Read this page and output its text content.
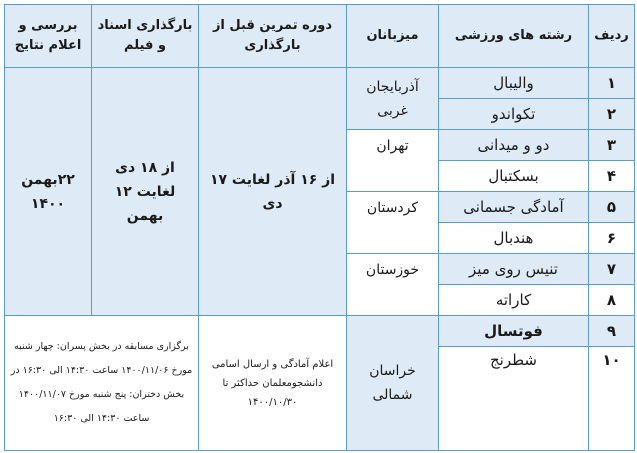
ردیف	رشته های ورزشی	میزبانان	دوره تمرین قبل از بارگذاری	بارگذاری اسناد و فیلم	بررسی و اعلام نتایج
۱	والیبال	آذربایجان غربی	از ۱۶ آذر لغایت ۱۷ دی	از ۱۸ دی لغایت ۱۲ بهمن	۲۲بهمن ۱۴۰۰
۲	تکواندو				
۳	دو و میدانی	تهران			
۴	بسکتبال				
۵	آمادگی جسمانی	کردستان			
۶	هندبال				
۷	تنیس روی میز	خوزستان			
۸	کاراته				
۹	فوتسال	خراسان شمالی	اعلام آمادگی و ارسال اسامی دانشجومعلمان حداکثر تا ۱۴۰۰/۱۰/۳۰	برگزاری مسابقه در بخش پسران: چهار شنبه مورخ ۱۴۰۰/۱۱/۰۶ ساعت ۱۴:۳۰ الی ۱۶:۳۰ در بخش دختران: پنج شنبه مورخ ۱۴۰۰/۱۱/۰۷ ساعت ۱۴:۳۰ الی ۱۶:۳۰	
۱۰	شطرنج				
